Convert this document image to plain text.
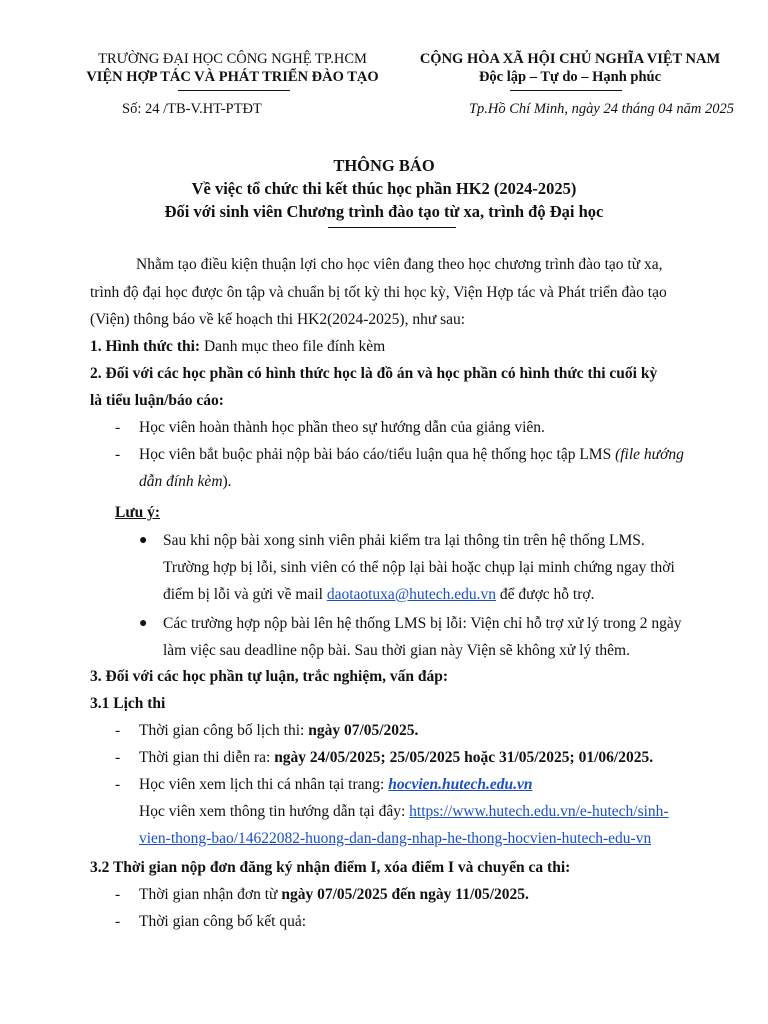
TRƯỜNG ĐẠI HỌC CÔNG NGHỆ TP.HCM
VIỆN HỢP TÁC VÀ PHÁT TRIỂN ĐÀO TẠO
CỘNG HÒA XÃ HỘI CHỦ NGHĨA VIỆT NAM
Độc lập – Tự do – Hạnh phúc
Số: 24 /TB-V.HT-PTĐT	Tp.Hồ Chí Minh, ngày 24 tháng 04 năm 2025
THÔNG BÁO
Về việc tổ chức thi kết thúc học phần HK2 (2024-2025)
Đối với sinh viên Chương trình đào tạo từ xa, trình độ Đại học
Nhằm tạo điều kiện thuận lợi cho học viên đang theo học chương trình đào tạo từ xa,
trình độ đại học được ôn tập và chuẩn bị tốt kỳ thi học kỳ, Viện Hợp tác và Phát triển đào tạo
(Viện) thông báo về kế hoạch thi HK2(2024-2025), như sau:
1. Hình thức thi: Danh mục theo file đính kèm
2. Đối với các học phần có hình thức học là đồ án và học phần có hình thức thi cuối kỳ
là tiểu luận/báo cáo:
- Học viên hoàn thành học phần theo sự hướng dẫn của giảng viên.
- Học viên bắt buộc phải nộp bài báo cáo/tiểu luận qua hệ thống học tập LMS (file hướng
dẫn đính kèm).
Lưu ý:
● Sau khi nộp bài xong sinh viên phải kiểm tra lại thông tin trên hệ thống LMS.
Trường hợp bị lỗi, sinh viên có thể nộp lại bài hoặc chụp lại minh chứng ngay thời
điểm bị lỗi và gửi về mail daotaotuxa@hutech.edu.vn để được hỗ trợ.
● Các trường hợp nộp bài lên hệ thống LMS bị lỗi: Viện chỉ hỗ trợ xử lý trong 2 ngày
làm việc sau deadline nộp bài. Sau thời gian này Viện sẽ không xử lý thêm.
3. Đối với các học phần tự luận, trắc nghiệm, vấn đáp:
3.1 Lịch thi
- Thời gian công bố lịch thi: ngày 07/05/2025.
- Thời gian thi diễn ra: ngày 24/05/2025; 25/05/2025 hoặc 31/05/2025; 01/06/2025.
- Học viên xem lịch thi cá nhân tại trang: hocvien.hutech.edu.vn
Học viên xem thông tin hướng dẫn tại đây: https://www.hutech.edu.vn/e-hutech/sinh-
vien-thong-bao/14622082-huong-dan-dang-nhap-he-thong-hocvien-hutech-edu-vn
3.2 Thời gian nộp đơn đăng ký nhận điểm I, xóa điểm I và chuyển ca thi:
- Thời gian nhận đơn từ ngày 07/05/2025 đến ngày 11/05/2025.
- Thời gian công bố kết quả:
